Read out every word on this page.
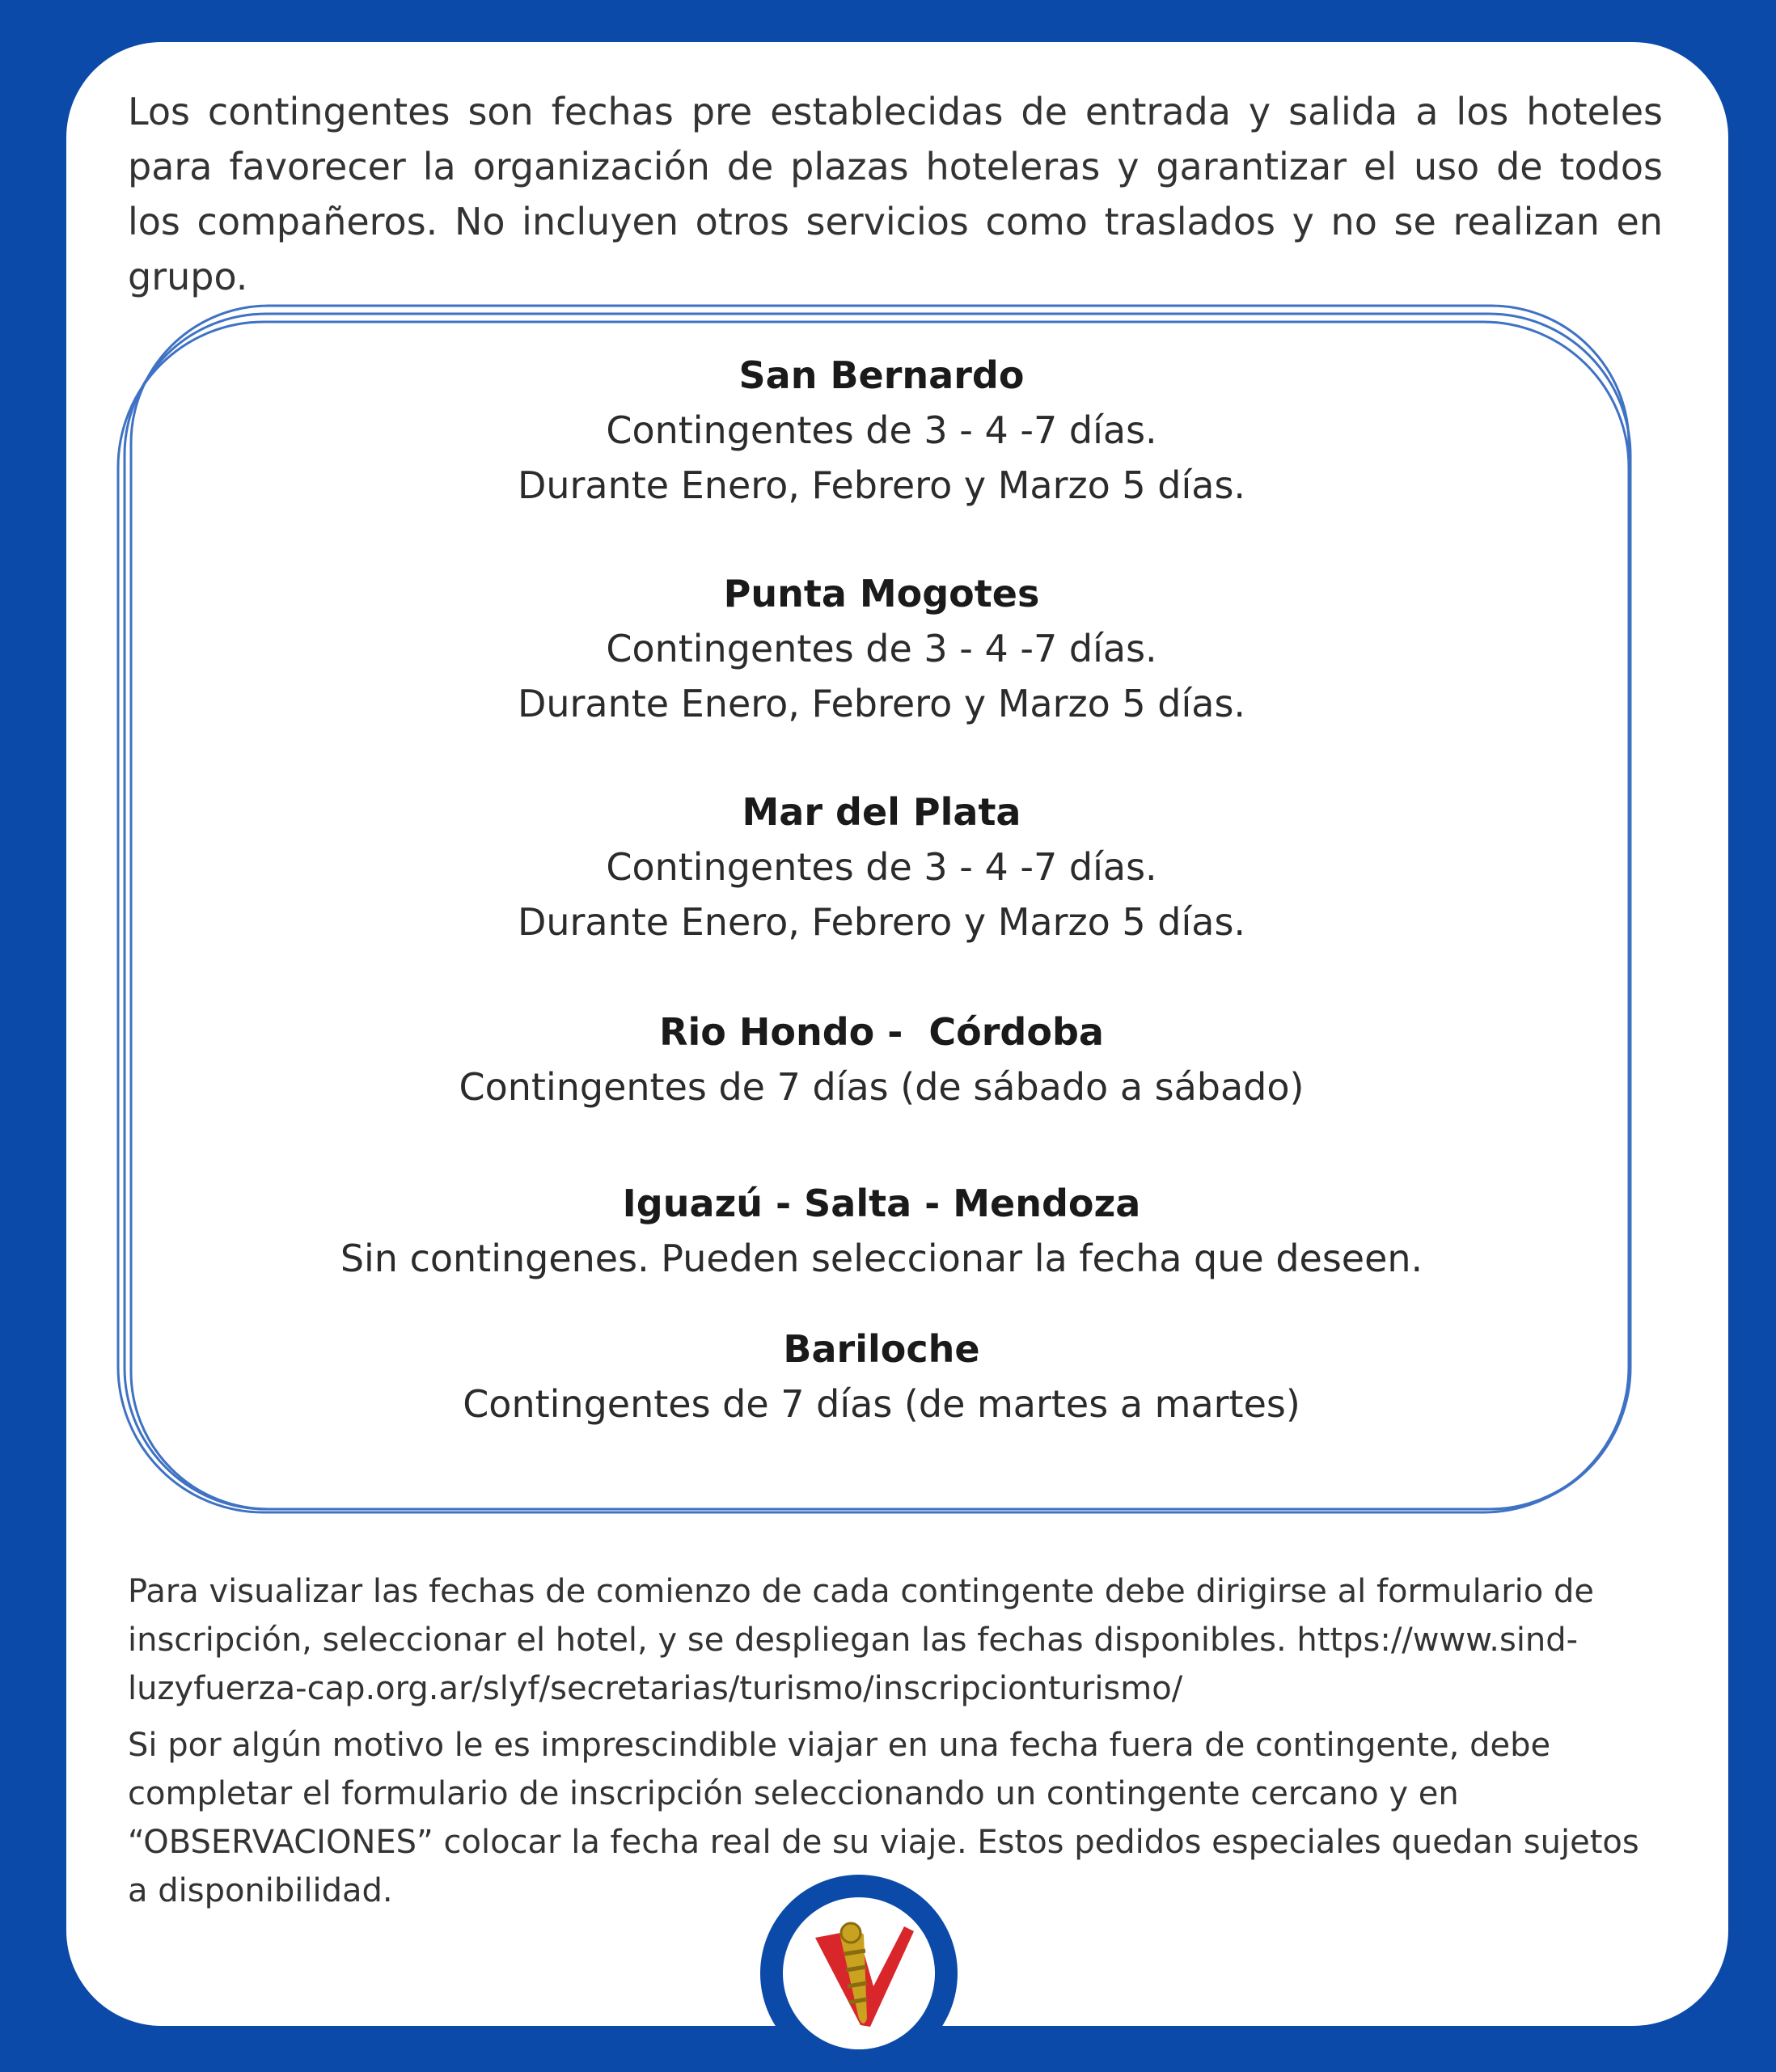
Los contingentes son fechas pre establecidas de entrada y salida a los hoteles para favorecer la organización de plazas hoteleras y garantizar el uso de todos los compañeros. No incluyen otros servicios como traslados y no se realizan en grupo.

San Bernardo
Contingentes de 3 - 4 -7 días.
Durante Enero, Febrero y Marzo 5 días.
Punta Mogotes
Contingentes de 3 - 4 -7 días.
Durante Enero, Febrero y Marzo 5 días.
Mar del Plata
Contingentes de 3 - 4 -7 días.
Durante Enero, Febrero y Marzo 5 días.
Rio Hondo -  Córdoba
Contingentes de 7 días (de sábado a sábado)
Iguazú - Salta - Mendoza
Sin contingenes. Pueden seleccionar la fecha que deseen.
Bariloche
Contingentes de 7 días (de martes a martes)

Para visualizar las fechas de comienzo de cada contingente debe dirigirse al formulario de inscripción, seleccionar el hotel, y se despliegan las fechas disponibles. https://www.sind-luzyfuerza-cap.org.ar/slyf/secretarias/turismo/inscripcionturismo/

Si por algún motivo le es imprescindible viajar en una fecha fuera de contingente, debe completar el formulario de inscripción seleccionando un contingente cercano y en “OBSERVACIONES” colocar la fecha real de su viaje. Estos pedidos especiales quedan sujetos a disponibilidad.
